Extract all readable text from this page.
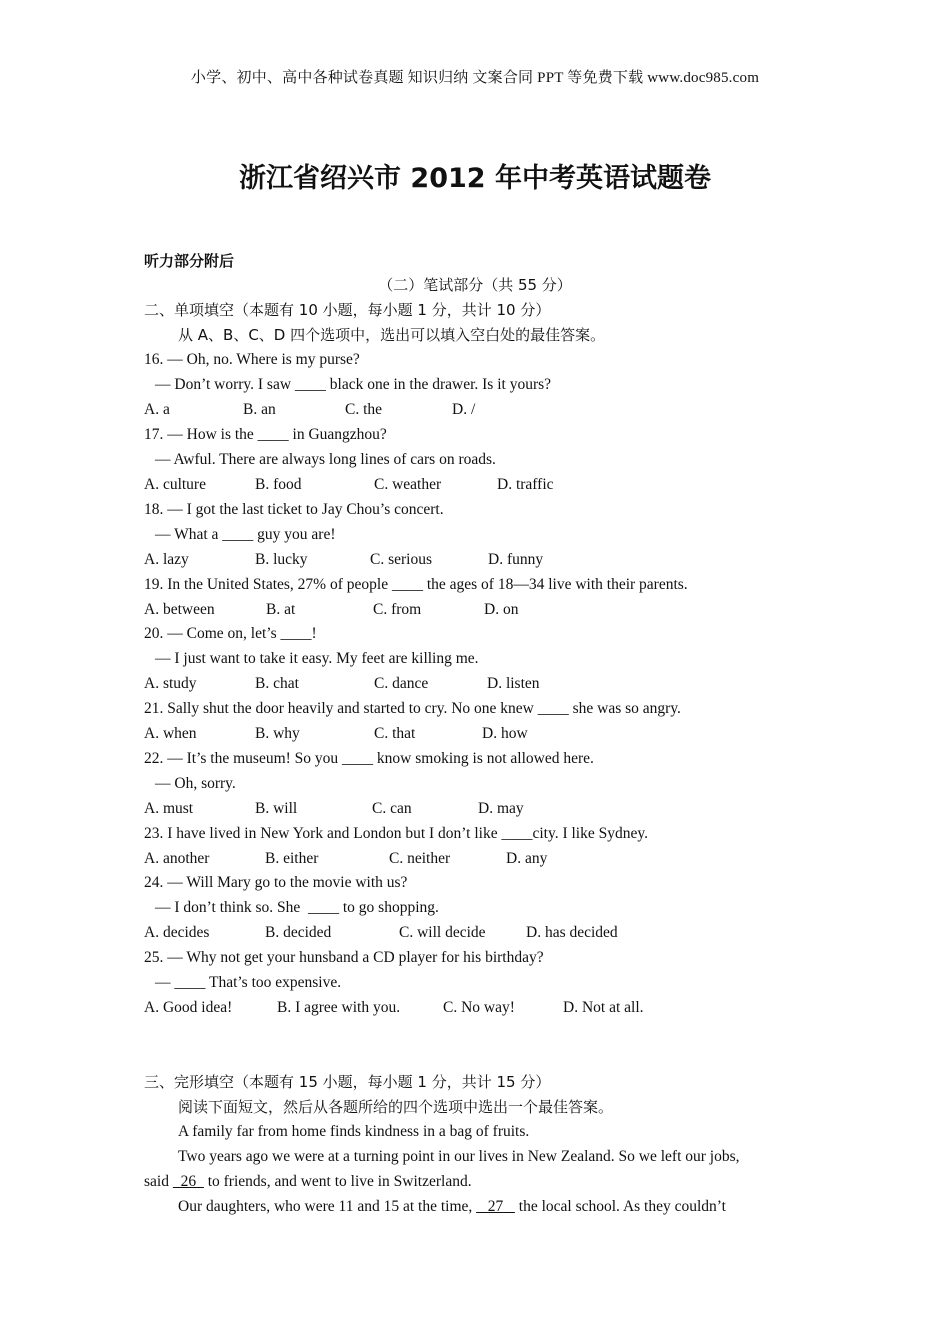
小学、初中、高中各种试卷真题 知识归纳 文案合同 PPT 等免费下载 www.doc985.com
浙江省绍兴市 2012 年中考英语试题卷
听力部分附后
（二）笔试部分（共 55 分）
二、单项填空（本题有 10 小题，每小题 1 分，共计 10 分）
从 A、B、C、D 四个选项中，选出可以填入空白处的最佳答案。
16. — Oh, no. Where is my purse?
— Don’t worry. I saw ____ black one in the drawer. Is it yours?
A. a	B. an	C. the	D. /
17. — How is the ____ in Guangzhou?
— Awful. There are always long lines of cars on roads.
A. culture	B. food	C. weather	D. traffic
18. — I got the last ticket to Jay Chou’s concert.
— What a ____ guy you are!
A. lazy	B. lucky	C. serious	D. funny
19. In the United States, 27% of people ____ the ages of 18—34 live with their parents.
A. between	B. at	C. from	D. on
20. — Come on, let’s ____!
— I just want to take it easy. My feet are killing me.
A. study	B. chat	C. dance	D. listen
21. Sally shut the door heavily and started to cry. No one knew ____ she was so angry.
A. when	B. why	C. that	D. how
22. — It’s the museum! So you ____ know smoking is not allowed here.
— Oh, sorry.
A. must	B. will	C. can	D. may
23. I have lived in New York and London but I don’t like ____city. I like Sydney.
A. another	B. either	C. neither	D. any
24. — Will Mary go to the movie with us?
— I don’t think so. She  ____ to go shopping.
A. decides	B. decided	C. will decide	D. has decided
25. — Why not get your hunsband a CD player for his birthday?
— ____ That’s too expensive.
A. Good idea!	B. I agree with you.	C. No way!	D. Not at all.
三、完形填空（本题有 15 小题，每小题 1 分，共计 15 分）
阅读下面短文，然后从各题所给的四个选项中选出一个最佳答案。
A family far from home finds kindness in a bag of fruits.
Two years ago we were at a turning point in our lives in New Zealand. So we left our jobs,
said   26   to friends, and went to live in Switzerland.
Our daughters, who were 11 and 15 at the time,    27    the local school. As they couldn’t
